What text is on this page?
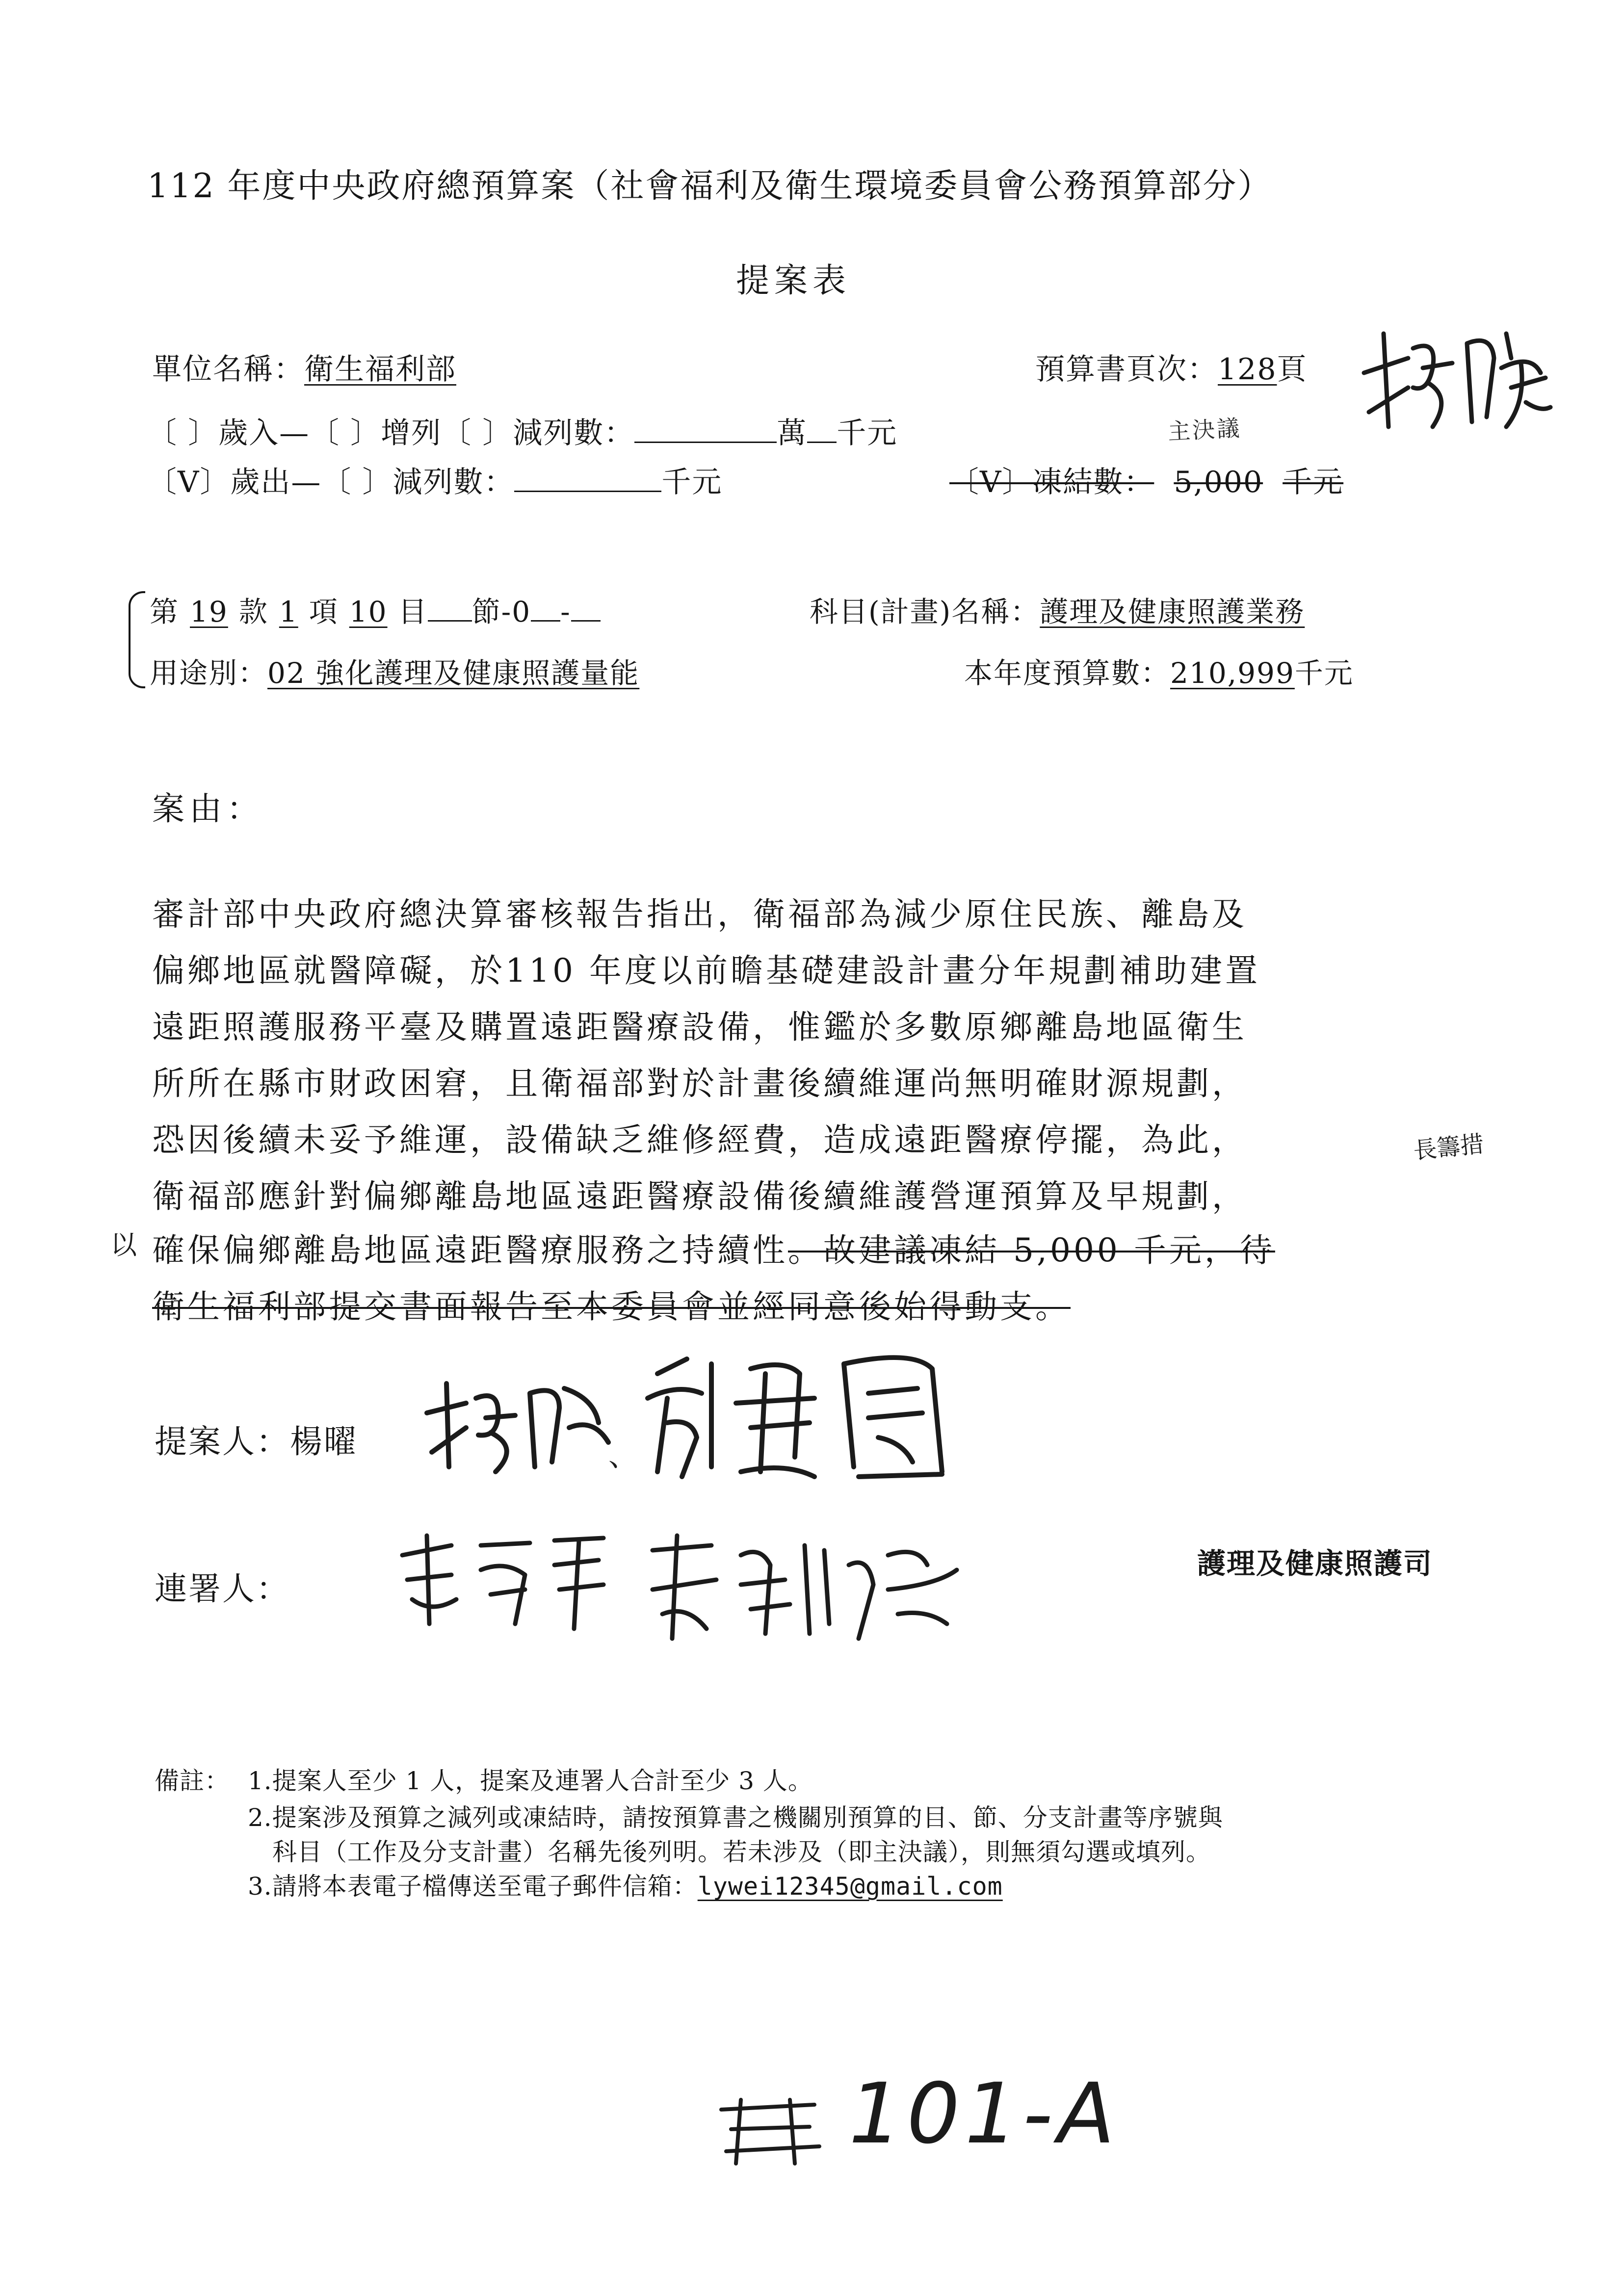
112 年度中央政府總預算案（社會福利及衛生環境委員會公務預算部分）
提案表
單位名稱：衛生福利部	預算書頁次：128頁
主決議
〔 〕歲入—〔 〕增列〔 〕減列數：	萬 千元
〔V〕歲出—〔 〕減列數：	千元	〔V〕凍結數： 5,000 千元
第 19 款 1 項 10 目 節-0 -	科目(計畫)名稱：護理及健康照護業務
用途別：02 強化護理及健康照護量能	本年度預算數：210,999千元
案由：
審計部中央政府總決算審核報告指出，衛福部為減少原住民族、離島及
偏鄉地區就醫障礙，於110 年度以前瞻基礎建設計畫分年規劃補助建置
遠距照護服務平臺及購置遠距醫療設備，惟鑑於多數原鄉離島地區衛生
所所在縣市財政困窘，且衛福部對於計畫後續維運尚無明確財源規劃，
恐因後續未妥予維運，設備缺乏維修經費，造成遠距醫療停擺，為此，
衛福部應針對偏鄉離島地區遠距醫療設備後續維護營運預算及早規劃，
長籌措
以 確保偏鄉離島地區遠距醫療服務之持續性。故建議凍結 5,000 千元，待
衛生福利部提交書面報告至本委員會並經同意後始得動支。
提案人：楊曜	、
連署人：
護理及健康照護司
備註： 1.提案人至少 1 人，提案及連署人合計至少 3 人。
2.提案涉及預算之減列或凍結時，請按預算書之機關別預算的目、節、分支計畫等序號與
科目（工作及分支計畫）名稱先後列明。若未涉及（即主決議），則無須勾選或填列。
3.請將本表電子檔傳送至電子郵件信箱：lywei12345@gmail.com
101-A
